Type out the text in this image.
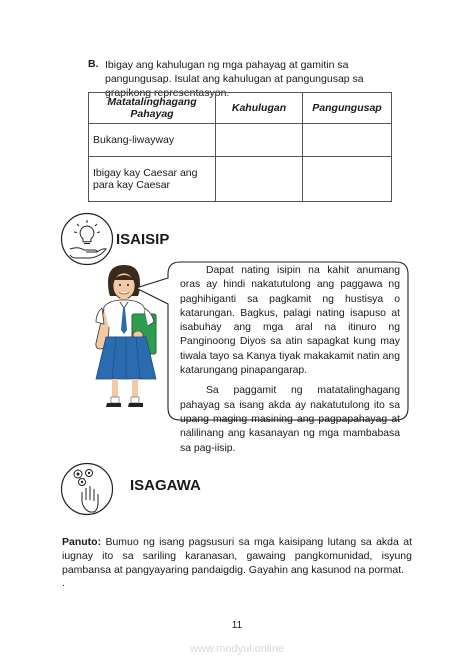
B. Ibigay ang kahulugan ng mga pahayag at gamitin sa pangungusap. Isulat ang kahulugan at pangungusap sa grapikong representasyon.
Matatalinghagang Pahayag	Kahulugan	Pangungusap
Bukang-liwayway		
Ibigay kay Caesar ang para kay Caesar		
ISAISIP

Dapat nating isipin na kahit anumang oras ay hindi nakatutulong ang paggawa ng paghihiganti sa pagkamit ng hustisya o katarungan. Bagkus, palagi nating isapuso at isabuhay ang mga aral na itinuro ng Panginoong Diyos sa atin sapagkat kung may tiwala tayo sa Kanya tiyak makakamit natin ang katarungang pinapangarap.

Sa paggamit ng matatalinghagang pahayag sa isang akda ay nakatutulong ito sa upang maging masining ang pagpapahayag at nalilinang ang kasanayan ng mga mambabasa sa pag-iisip.

ISAGAWA
Panuto: Bumuo ng isang pagsusuri sa mga kaisipang lutang sa akda at iugnay ito sa sariling karanasan, gawaing pangkomunidad, isyung pambansa at pangyayaring pandaigdig. Gayahin ang kasunod na pormat.
.
11
www.modyul.online
